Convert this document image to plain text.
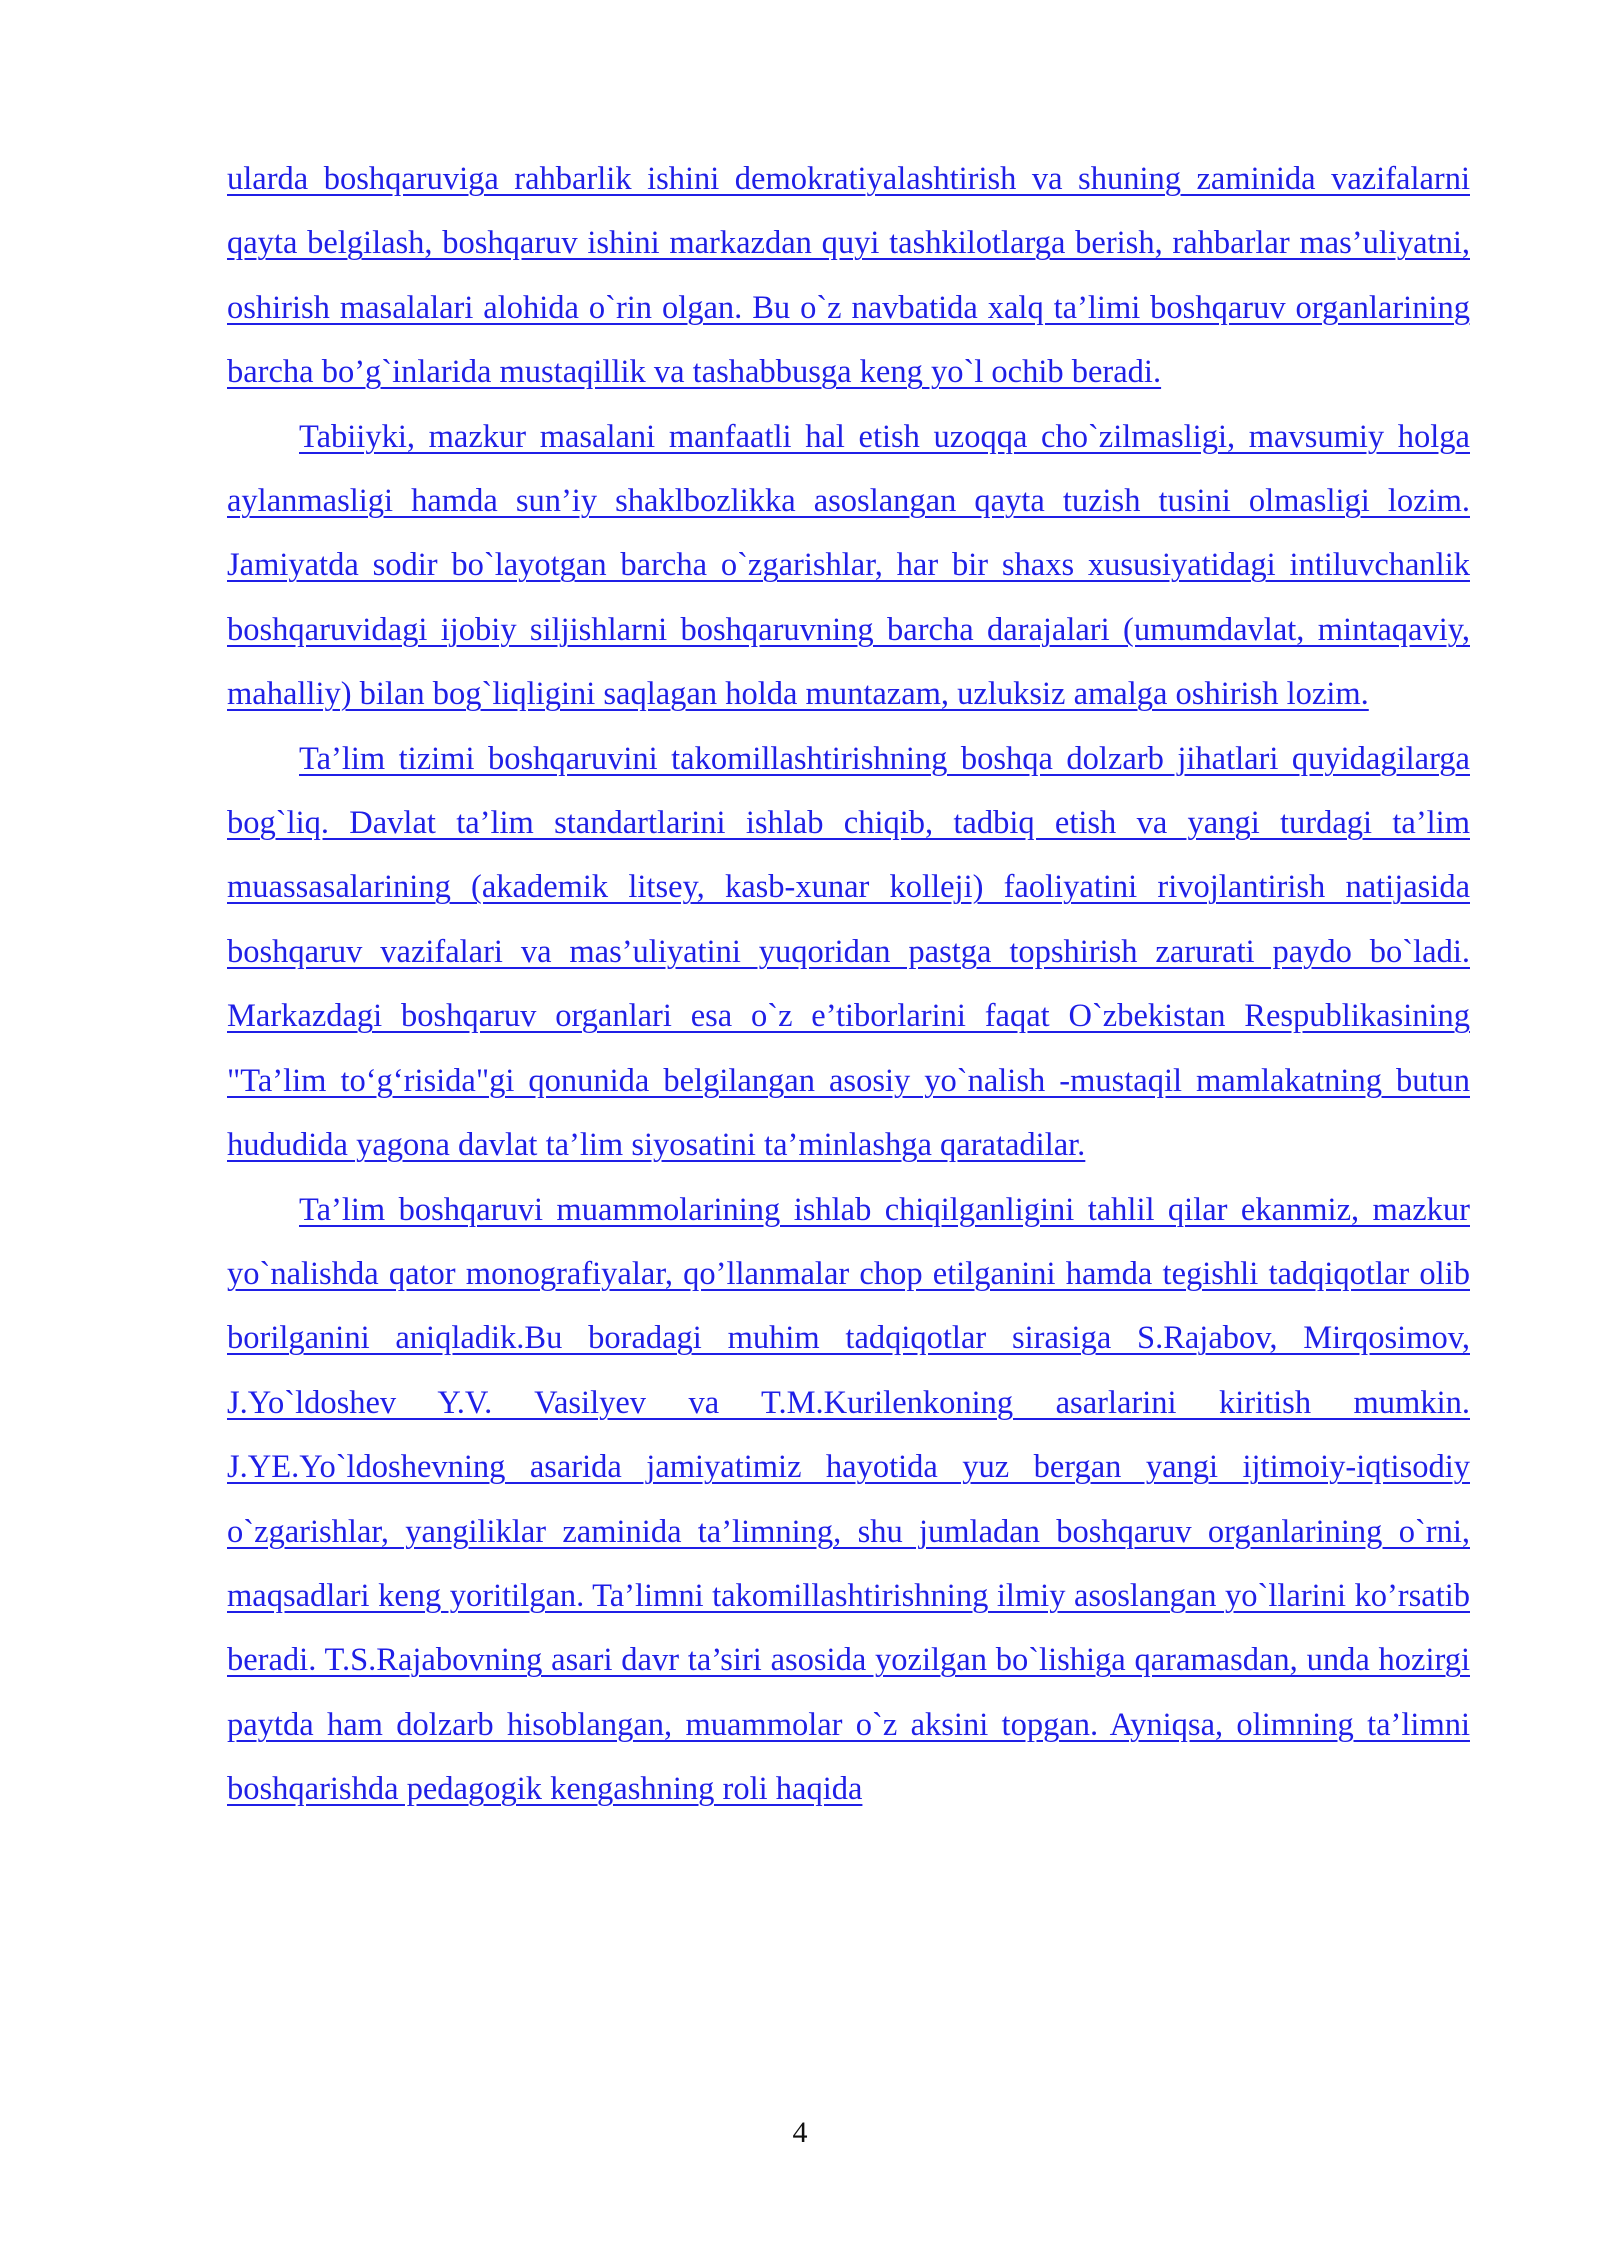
ularda boshqaruviga rahbarlik ishini demokratiyalashtirish va shuning zaminida vazifalarni qayta belgilash, boshqaruv ishini markazdan quyi tashkilotlarga berish, rahbarlar mas’uliyatni, oshirish masalalari alohida o`rin olgan. Bu o`z navbatida xalq ta’limi boshqaruv organlarining barcha bo’g`inlarida mustaqillik va tashabbusga keng yo`l ochib beradi.

Tabiiyki, mazkur masalani manfaatli hal etish uzoqqa cho`zilmasligi, mavsumiy holga aylanmasligi hamda sun’iy shaklbozlikka asoslangan qayta tuzish tusini olmasligi lozim. Jamiyatda sodir bo`layotgan barcha o`zgarishlar, har bir shaxs xususiyatidagi intiluvchanlik boshqaruvidagi ijobiy siljishlarni boshqaruvning barcha darajalari (umumdavlat, mintaqaviy, mahalliy) bilan bog`liqligini saqlagan holda muntazam, uzluksiz amalga oshirish lozim.

Ta’lim tizimi boshqaruvini takomillashtirishning boshqa dolzarb jihatlari quyidagilarga bog`liq. Davlat ta’lim standartlarini ishlab chiqib, tadbiq etish va yangi turdagi ta’lim muassasalarining (akademik litsey, kasb-xunar kolleji) faoliyatini rivojlantirish natijasida boshqaruv vazifalari va mas’uliyatini yuqoridan pastga topshirish zarurati paydo bo`ladi. Markazdagi boshqaruv organlari esa o`z e’tiborlarini faqat O`zbekistan Respublikasining "Ta’lim to‘g‘risida"gi qonunida belgilangan asosiy yo`nalish -mustaqil mamlakatning butun hududida yagona davlat ta’lim siyosatini ta’minlashga qaratadilar.

Ta’lim boshqaruvi muammolarining ishlab chiqilganligini tahlil qilar ekanmiz, mazkur yo`nalishda qator monografiyalar, qo’llanmalar chop etilganini hamda tegishli tadqiqotlar olib borilganini aniqladik.Bu boradagi muhim tadqiqotlar sirasiga S.Rajabov, Mirqosimov, J.Yo`ldoshev Y.V. Vasilyev va T.M.Kurilenkoning asarlarini kiritish mumkin. J.YE.Yo`ldoshevning asarida jamiyatimiz hayotida yuz bergan yangi ijtimoiy-iqtisodiy o`zgarishlar, yangiliklar zaminida ta’limning, shu jumladan boshqaruv organlarining o`rni, maqsadlari keng yoritilgan. Ta’limni takomillashtirishning ilmiy asoslangan yo`llarini ko’rsatib beradi. T.S.Rajabovning asari davr ta’siri asosida yozilgan bo`lishiga qaramasdan, unda hozirgi paytda ham dolzarb hisoblangan, muammolar o`z aksini topgan. Ayniqsa, olimning ta’limni boshqarishda pedagogik kengashning roli haqida

4
